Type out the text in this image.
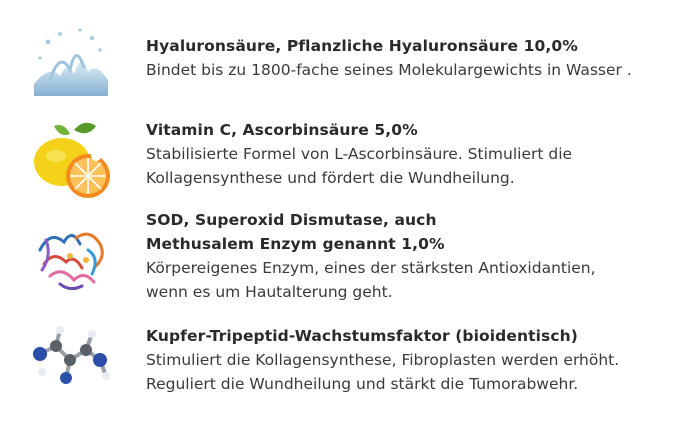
Hyaluronsäure, Pflanzliche Hyaluronsäure 10,0%
Bindet bis zu 1800-fache seines Molekulargewichts in Wasser .
Vitamin C, Ascorbinsäure 5,0%
Stabilisierte Formel von L-Ascorbinsäure. Stimuliert die
Kollagensynthese und fördert die Wundheilung.
SOD, Superoxid Dismutase, auch
Methusalem Enzym genannt 1,0%
Körpereigenes Enzym, eines der stärksten Antioxidantien,
wenn es um Hautalterung geht.
Kupfer-Tripeptid-Wachstumsfaktor (bioidentisch)
Stimuliert die Kollagensynthese, Fibroplasten werden erhöht.
Reguliert die Wundheilung und stärkt die Tumorabwehr.
